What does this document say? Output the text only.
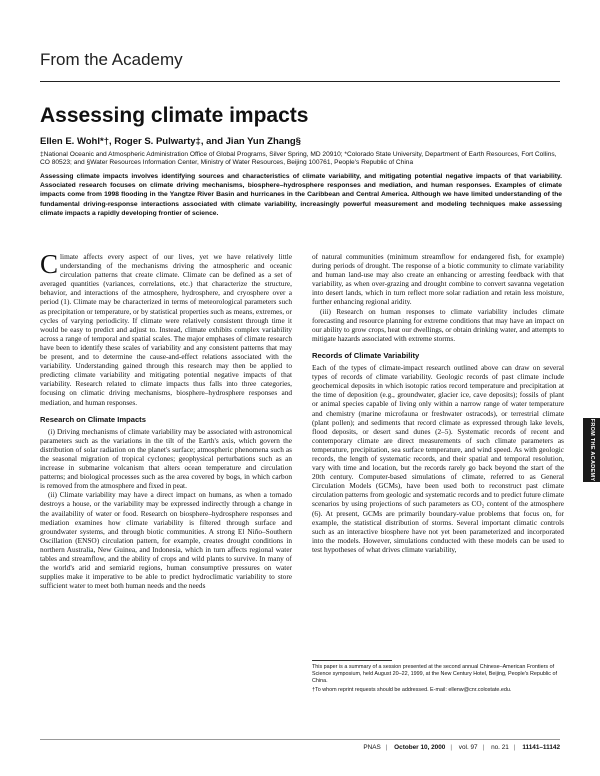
From the Academy
Assessing climate impacts
Ellen E. Wohl*†, Roger S. Pulwarty‡, and Jian Yun Zhang§
‡National Oceanic and Atmospheric Administration Office of Global Programs, Silver Spring, MD 20910; *Colorado State University, Department of Earth Resources, Fort Collins, CO 80523; and §Water Resources Information Center, Ministry of Water Resources, Beijing 100761, People's Republic of China
Assessing climate impacts involves identifying sources and characteristics of climate variability, and mitigating potential negative impacts of that variability. Associated research focuses on climate driving mechanisms, biosphere–hydrosphere responses and mediation, and human responses. Examples of climate impacts come from 1998 flooding in the Yangtze River Basin and hurricanes in the Caribbean and Central America. Although we have limited understanding of the fundamental driving-response interactions associated with climate variability, increasingly powerful measurement and modeling techniques make assessing climate impacts a rapidly developing frontier of science.

Climate affects every aspect of our lives, yet we have relatively little understanding of the mechanisms driving the atmospheric and oceanic circulation patterns that create climate. Climate can be defined as a set of averaged quantities (variances, correlations, etc.) that characterize the structure, behavior, and interactions of the atmosphere, hydrosphere, and cryosphere over a period (1). Climate may be characterized in terms of meteorological parameters such as precipitation or temperature, or by statistical properties such as means, extremes, or cycles of varying periodicity. If climate were relatively consistent through time it would be easy to predict and adjust to. Instead, climate exhibits complex variability across a range of temporal and spatial scales. The major emphases of climate research have been to identify these scales of variability and any consistent patterns that may be present, and to determine the cause-and-effect relations associated with the variability. Understanding gained through this research may then be applied to predicting climate variability and mitigating potential negative impacts of that variability. Research related to climate impacts thus falls into three categories, focusing on climatic driving mechanisms, biosphere–hydrosphere responses and mediation, and human responses.

Research on Climate Impacts

(i) Driving mechanisms of climate variability may be associated with astronomical parameters such as the variations in the tilt of the Earth's axis, which govern the distribution of solar radiation on the planet's surface; atmospheric phenomena such as the seasonal migration of tropical cyclones; geophysical perturbations such as an increase in submarine volcanism that alters ocean temperature and circulation patterns; and biological processes such as the area covered by bogs, in which carbon is removed from the atmosphere and fixed in peat.

(ii) Climate variability may have a direct impact on humans, as when a tornado destroys a house, or the variability may be expressed indirectly through a change in the availability of water or food. Research on biosphere–hydrosphere responses and mediation examines how climate variability is filtered through surface and groundwater systems, and through biotic communities. A strong El Niño–Southern Oscillation (ENSO) circulation pattern, for example, creates drought conditions in northern Australia, New Guinea, and Indonesia, which in turn affects regional water tables and streamflow, and the ability of crops and wild plants to survive. In many of the world's arid and semiarid regions, human consumptive pressures on water supplies make it imperative to be able to predict hydroclimatic variability to store sufficient water to meet both human needs and the needs

of natural communities (minimum streamflow for endangered fish, for example) during periods of drought. The response of a biotic community to climate variability and human land-use may also create an enhancing or arresting feedback with that variability, as when over-grazing and drought combine to convert savanna vegetation into desert lands, which in turn reflect more solar radiation and retain less moisture, further enhancing regional aridity.

(iii) Research on human responses to climate variability includes climate forecasting and resource planning for extreme conditions that may have an impact on our ability to grow crops, heat our dwellings, or obtain drinking water, and attempts to mitigate hazards associated with extreme storms.

Records of Climate Variability

Each of the types of climate-impact research outlined above can draw on several types of records of climate variability. Geologic records of past climate include geochemical deposits in which isotopic ratios record temperature and precipitation at the time of deposition (e.g., groundwater, glacier ice, cave deposits); fossils of plant or animal species capable of living only within a narrow range of water temperature and chemistry (marine microfauna or freshwater ostracods), or terrestrial climate (plant pollen); and sediments that record climate as expressed through lake levels, flood deposits, or desert sand dunes (2–5). Systematic records of recent and contemporary climate are direct measurements of such climate parameters as temperature, precipitation, sea surface temperature, and wind speed. As with geologic records, the length of systematic records, and their spatial and temporal resolution, vary with time and location, but the records rarely go back beyond the start of the 20th century. Computer-based simulations of climate, referred to as General Circulation Models (GCMs), have been used both to reconstruct past climate circulation patterns from geologic and systematic records and to predict future climate scenarios by using projections of such parameters as CO₂ content of the atmosphere (6). At present, GCMs are primarily boundary-value problems that focus on, for example, the statistical distribution of storms. Several important climatic controls such as an interactive biosphere have not yet been parameterized and incorporated into the models. However, simulations conducted with these models can be used to test hypotheses of what drives climate variability,

This paper is a summary of a session presented at the second annual Chinese–American Frontiers of Science symposium, held August 20–22, 1999, at the New Century Hotel, Beijing, People's Republic of China.

†To whom reprint requests should be addressed. E-mail: ellenw@cnr.colostate.edu.

FROM THE ACADEMY
PNAS | October 10, 2000 | vol. 97 | no. 21 | 11141–11142
